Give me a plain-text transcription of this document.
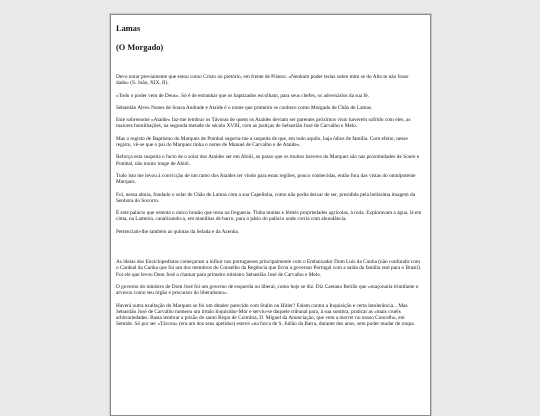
Lamas
(O Morgado)

Devo notar previamente que estou como Cristo no pretório, em frente de Pilatos: «Nenhum poder terias sobre mim se do Alto te não fosse dado» (S. João, XIX, II).

«Todo o poder vem de Deus». Só é de estranhar que os baptizados escolham, para seus chefes, os adversários da sua fé.

Sebastião Alves Nunes de Sousa Andrade e Ataíde é o nome que primeiro se conhece como Morgado de Chão de Lamas.

Este sobrenome «Ataíde» faz-me lembrar os Távoras de quem os Ataídes deviam ser parentes próximos visto haverem sofrido com eles, as maiores humilhações, na segunda metade do século XVIII, com as justiças de Sebastião José de Carvalho e Melo.

Mas o registo de Baptismo do Marquez de Pombal sugeriu-me a suspeita de que, em tudo aquilo, haja ódios de família. Com efeito, nesse registo, vê-se que o pai do Marquez tinha o nome de Manuel de Carvalho e de Ataíde».

Reforça esta suspeita o facto de o solar dos Ataídes ser em Abiúl, ao passo que os muitos haveres do Marquez são nas proximidades de Soure e Pombal, não muito longe de Abiúl.

Tudo isto me levou à convicção de um ramo dos Ataídes ter vindo para estas regiões, pouco conhecidas, então fora das vistas do omnipotente Marquez.

Foi, nessa altura, fundado o solar de Chão de Lamas com a sua Capelinha, como não podia deixar de ser, presidida pela belíssima imagem da Senhora do Socorro.

É este palácio que ostenta o único brasão que resta na freguesia. Tinha muitas e férteis propriedades agrícolas, à roda. Exploravam a água. lá em cima, na Lameira, canalizando-a, em manilhas de barro, para o pátio do palácio onde corria com abundância.

Pertenciam-lhe também as quintas da Selada e da Azenha.

As ideias dos Enciclopedistas começaram a influir nos portugueses principalmente com o Embaixador Dom Luís da Cunha (não confundir com o Cardeal da Cunha que foi um dos membros do Conselho da Regência que ficou a governar Portugal com a saída da família real para o Brasil). Foi ele que levou Dom José a chamar para primeiro ministro Sebastião José de Carvalho e Melo.

O governo do ministro de Dom José foi um governo de esquerda ou liberal, como hoje se diz. Diz Caetano Beirão que «maçonaria triunfante o arvorou como seu órgão e precursor do liberalismo».

Haverá outra exaltação do Marquez se foi um ditador parecido com Stalin ou Hitler? Falam contra a Inquisição e certa intolerância... Mas Sebastião José de Carvalho nomeou um irmão Inquisidor-Mór e serviu-se daquele tribunal para, à sua sombra, praticar as «mais cruéis arbitrariedades. Basta lembrar a prisão do santo Bispo de Coimbra, D. Miguel da Anunciação, que vem a morrer no nosso Concelho, em Semide. Só por ser «Távora» (era um dos seus apelidos) esteve «na forca de S. Julião da Barra, durante dez anos, sem poder mudar de roupa.
